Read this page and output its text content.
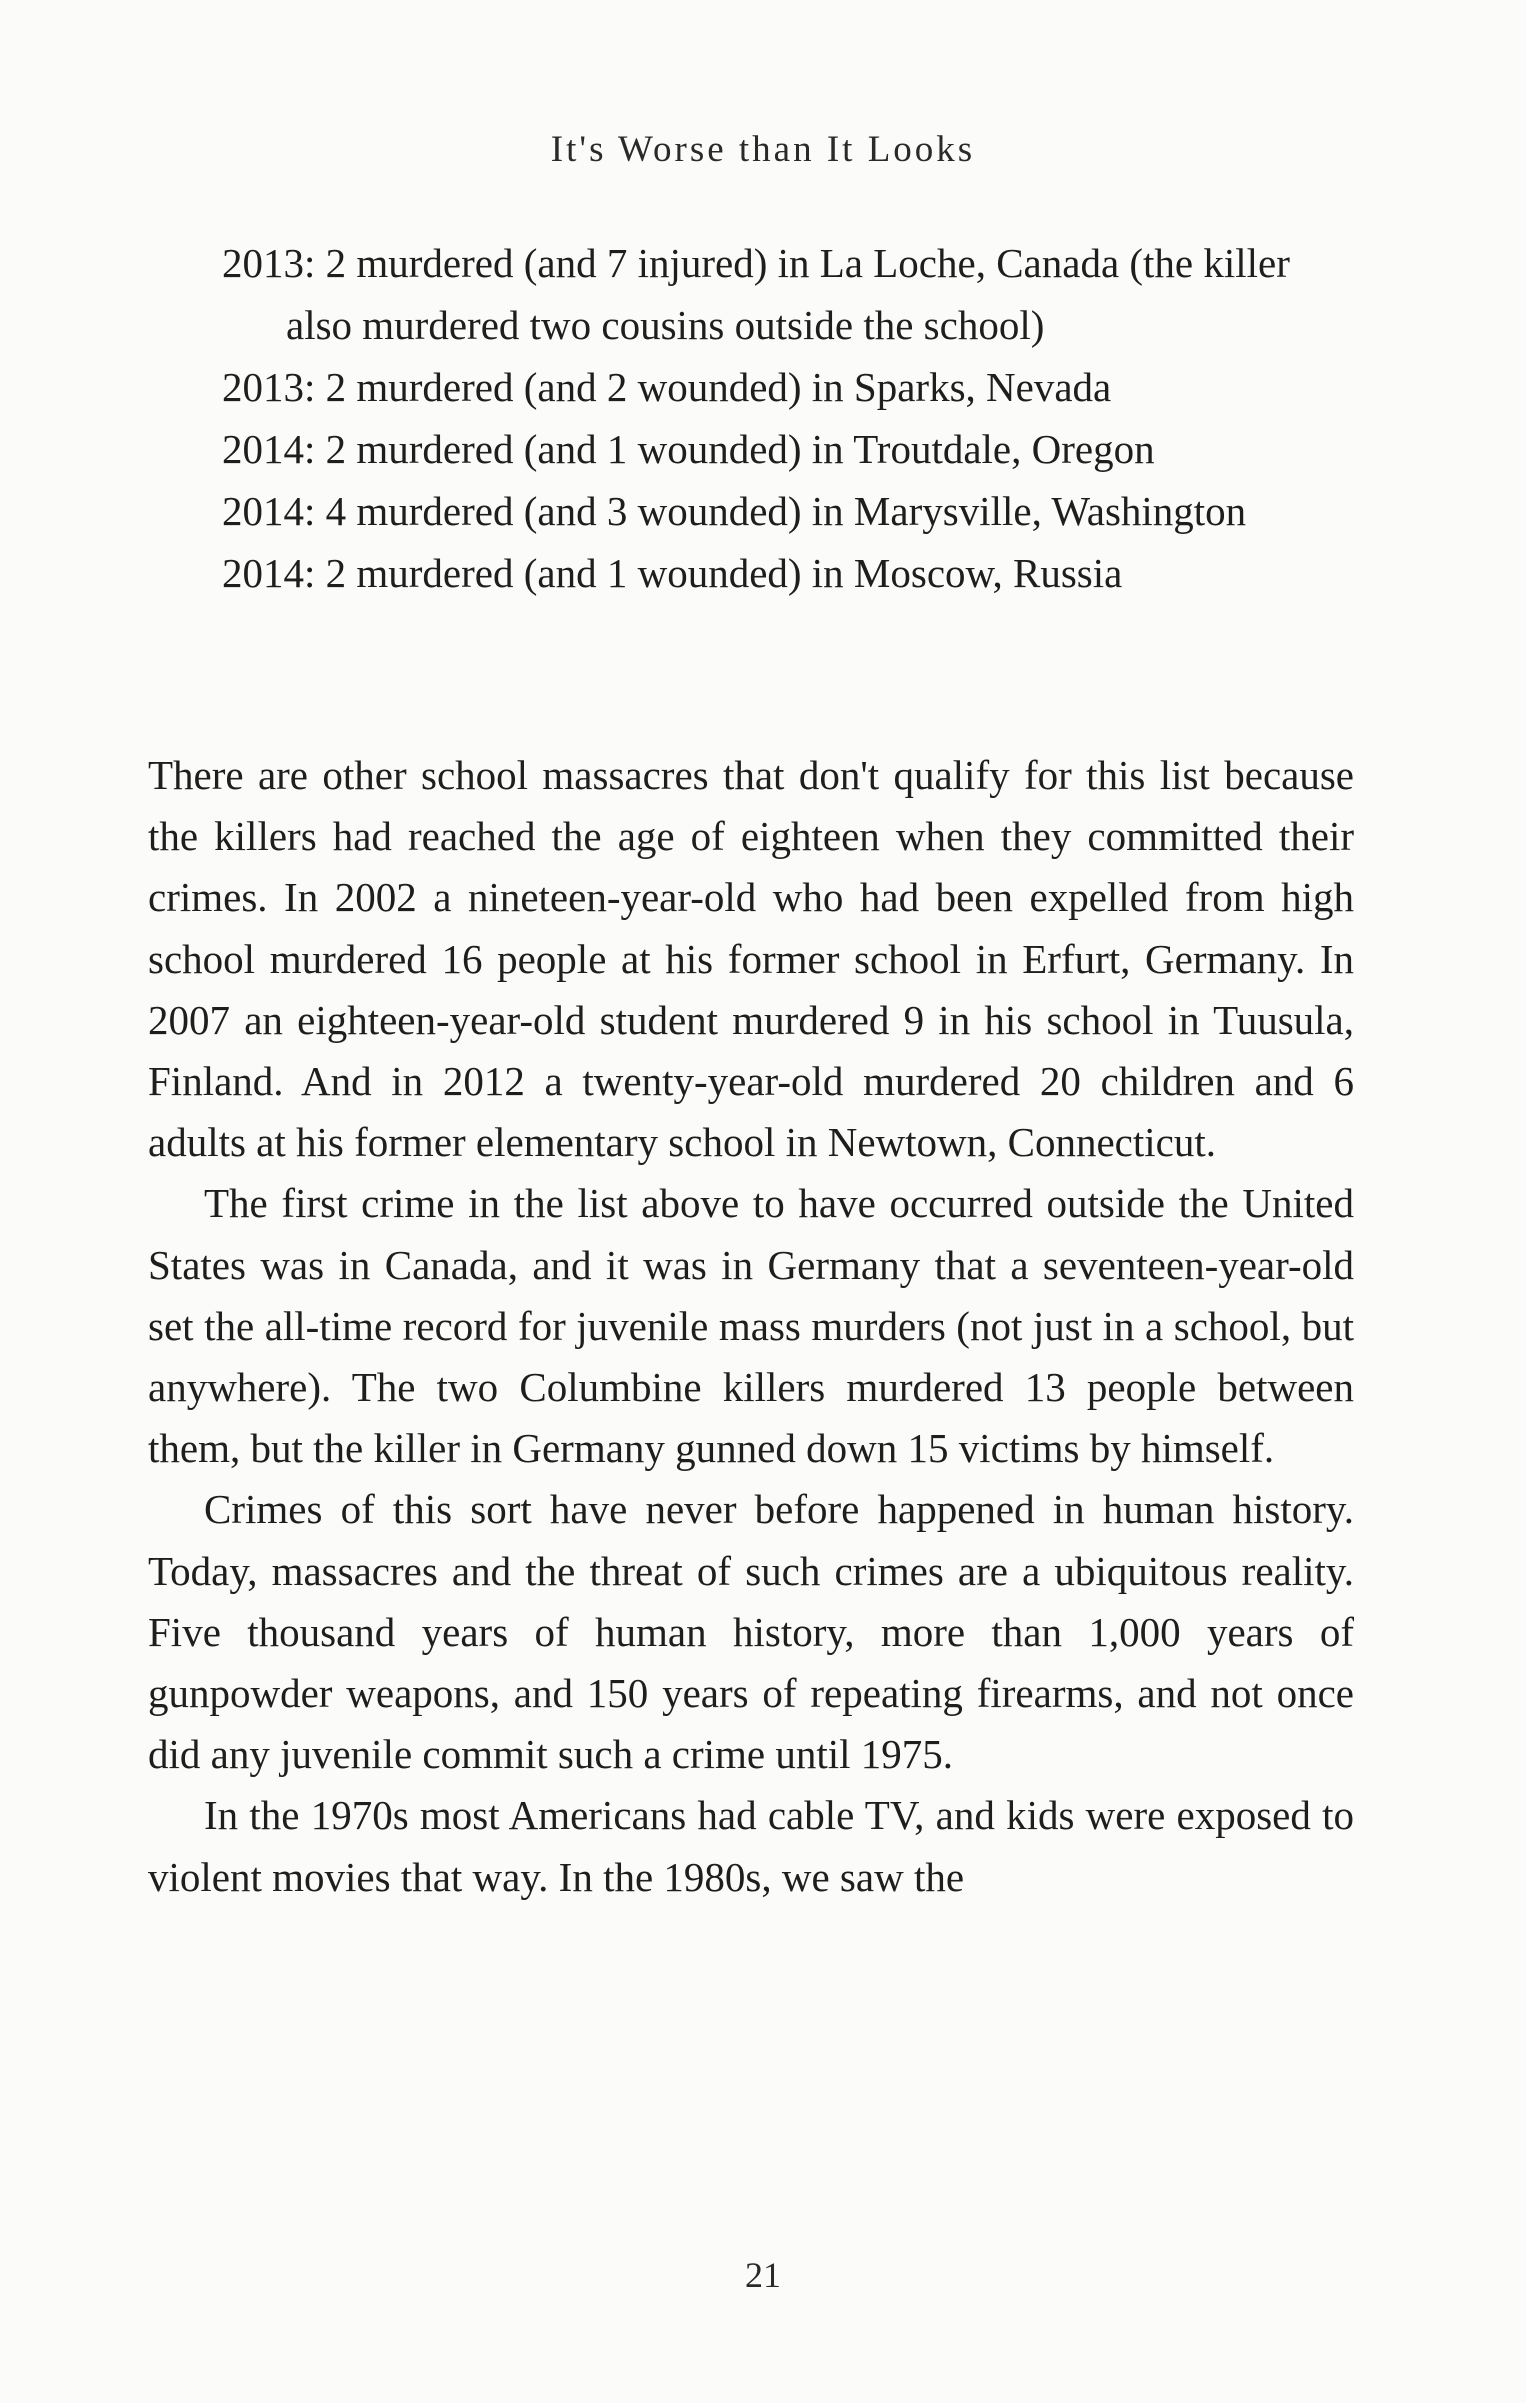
It's Worse than It Looks

2013: 2 murdered (and 7 injured) in La Loche, Canada (the killer also murdered two cousins outside the school)

2013: 2 murdered (and 2 wounded) in Sparks, Nevada

2014: 2 murdered (and 1 wounded) in Troutdale, Oregon

2014: 4 murdered (and 3 wounded) in Marysville, Washington

2014: 2 murdered (and 1 wounded) in Moscow, Russia

There are other school massacres that don't qualify for this list because the killers had reached the age of eighteen when they committed their crimes. In 2002 a nineteen-year-old who had been expelled from high school murdered 16 people at his former school in Erfurt, Germany. In 2007 an eighteen-year-old student murdered 9 in his school in Tuusula, Finland. And in 2012 a twenty-year-old murdered 20 children and 6 adults at his former elementary school in Newtown, Connecticut.

The first crime in the list above to have occurred outside the United States was in Canada, and it was in Germany that a seventeen-year-old set the all-time record for juvenile mass murders (not just in a school, but anywhere). The two Columbine killers murdered 13 people between them, but the killer in Germany gunned down 15 victims by himself.

Crimes of this sort have never before happened in human history. Today, massacres and the threat of such crimes are a ubiquitous reality. Five thousand years of human history, more than 1,000 years of gunpowder weapons, and 150 years of repeating firearms, and not once did any juvenile commit such a crime until 1975.

In the 1970s most Americans had cable TV, and kids were exposed to violent movies that way. In the 1980s, we saw the

21
